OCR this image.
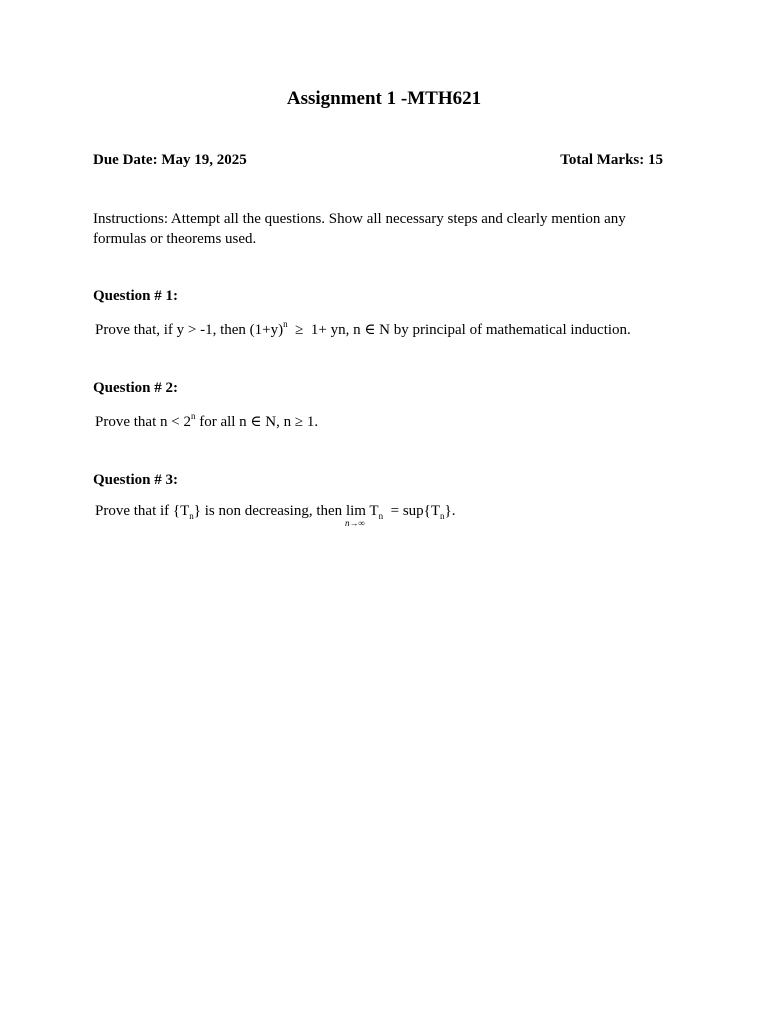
Assignment 1 -MTH621
Due Date: May 19, 2025	Total Marks: 15
Instructions: Attempt all the questions. Show all necessary steps and clearly mention any formulas or theorems used.
Question # 1:
Prove that, if y > -1, then $(1+y)^n \ge 1+$ yn, n ∈ N by principal of mathematical induction.
Question # 2:
Prove that $n < 2^n$ for all n ∈ N, n ≥ 1.
Question # 3:
Prove that if $\{T_n\}$ is non decreasing, then lim
n→∞
$T_n = sup\{T_n\}$.
